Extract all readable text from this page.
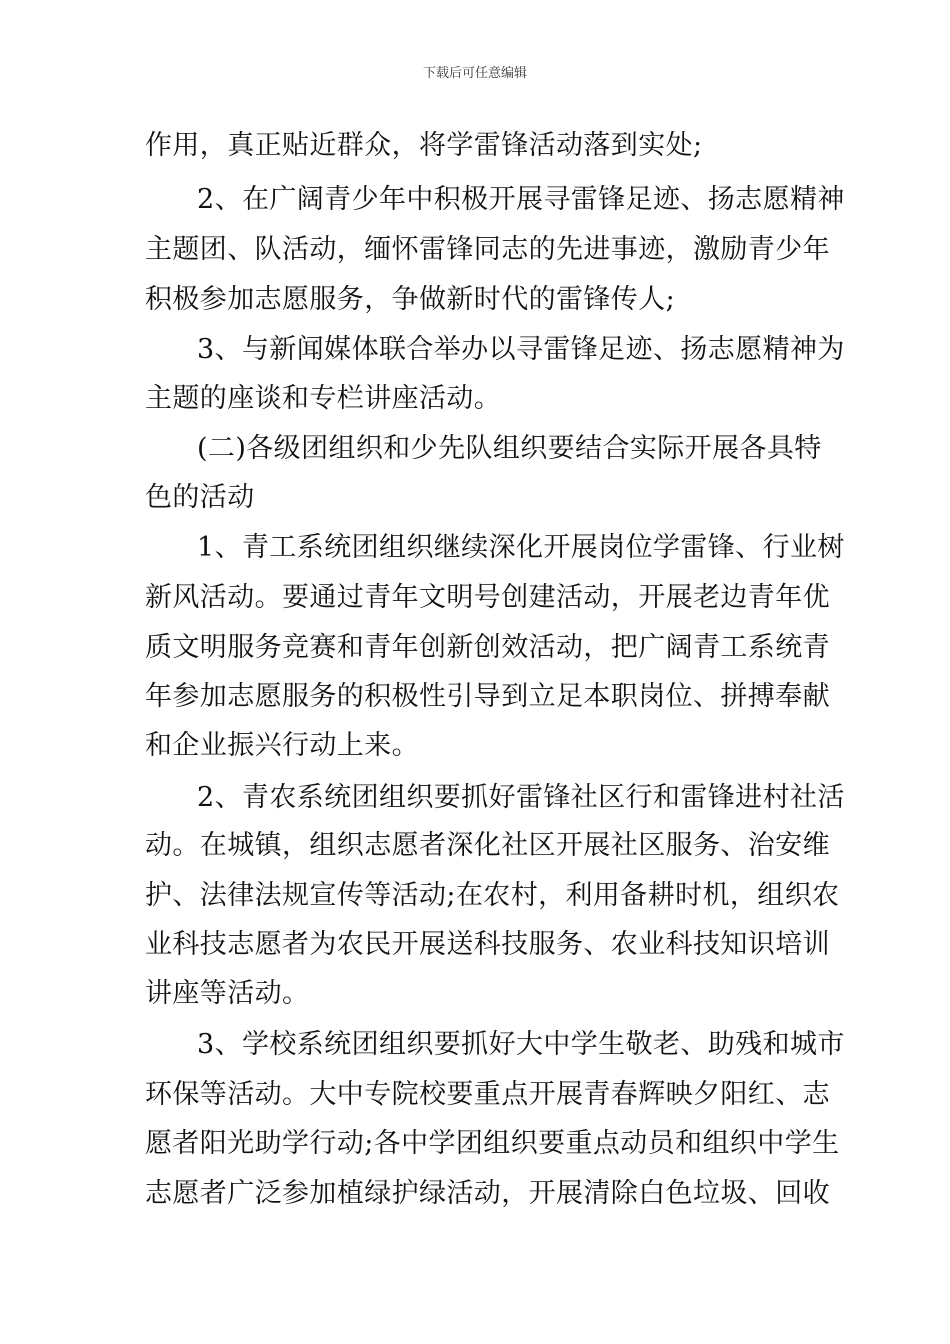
下载后可任意编辑
作用，真正贴近群众，将学雷锋活动落到实处;
2、在广阔青少年中积极开展寻雷锋足迹、扬志愿精神
主题团、队活动，缅怀雷锋同志的先进事迹，激励青少年
积极参加志愿服务，争做新时代的雷锋传人;
3、与新闻媒体联合举办以寻雷锋足迹、扬志愿精神为
主题的座谈和专栏讲座活动。
(二)各级团组织和少先队组织要结合实际开展各具特
色的活动
1、青工系统团组织继续深化开展岗位学雷锋、行业树
新风活动。要通过青年文明号创建活动，开展老边青年优
质文明服务竞赛和青年创新创效活动，把广阔青工系统青
年参加志愿服务的积极性引导到立足本职岗位、拼搏奉献
和企业振兴行动上来。
2、青农系统团组织要抓好雷锋社区行和雷锋进村社活
动。在城镇，组织志愿者深化社区开展社区服务、治安维
护、法律法规宣传等活动;在农村，利用备耕时机，组织农
业科技志愿者为农民开展送科技服务、农业科技知识培训
讲座等活动。
3、学校系统团组织要抓好大中学生敬老、助残和城市
环保等活动。大中专院校要重点开展青春辉映夕阳红、志
愿者阳光助学行动;各中学团组织要重点动员和组织中学生
志愿者广泛参加植绿护绿活动，开展清除白色垃圾、回收
